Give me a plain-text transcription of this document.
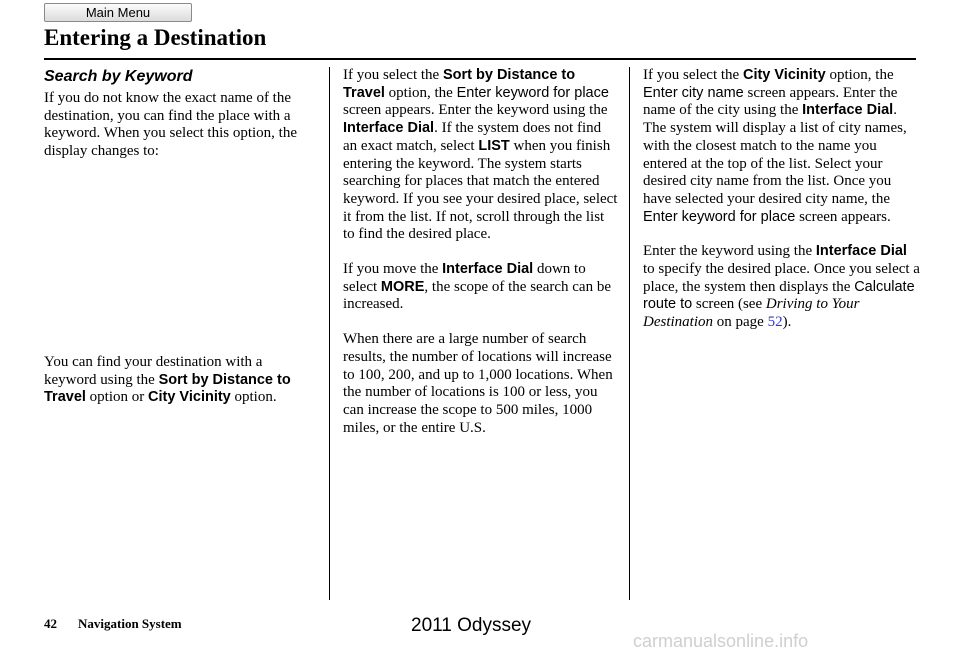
Main Menu
Entering a Destination
Search by Keyword

If you do not know the exact name of the destination, you can find the place with a keyword. When you select this option, the display changes to:

You can find your destination with a keyword using the Sort by Distance to Travel option or City Vicinity option.

If you select the Sort by Distance to Travel option, the Enter keyword for place screen appears. Enter the keyword using the Interface Dial. If the system does not find an exact match, select LIST when you finish entering the keyword. The system starts searching for places that match the entered keyword. If you see your desired place, select it from the list. If not, scroll through the list to find the desired place.

If you move the Interface Dial down to select MORE, the scope of the search can be increased.

When there are a large number of search results, the number of locations will increase to 100, 200, and up to 1,000 locations. When the number of locations is 100 or less, you can increase the scope to 500 miles, 1000 miles, or the entire U.S.

If you select the City Vicinity option, the Enter city name screen appears. Enter the name of the city using the Interface Dial. The system will display a list of city names, with the closest match to the name you entered at the top of the list. Select your desired city name from the list. Once you have selected your desired city name, the Enter keyword for place screen appears.

Enter the keyword using the Interface Dial to specify the desired place. Once you select a place, the system then displays the Calculate route to screen (see Driving to Your Destination on page 52).

42 Navigation System	2011 Odyssey
carmanualsonline.info
